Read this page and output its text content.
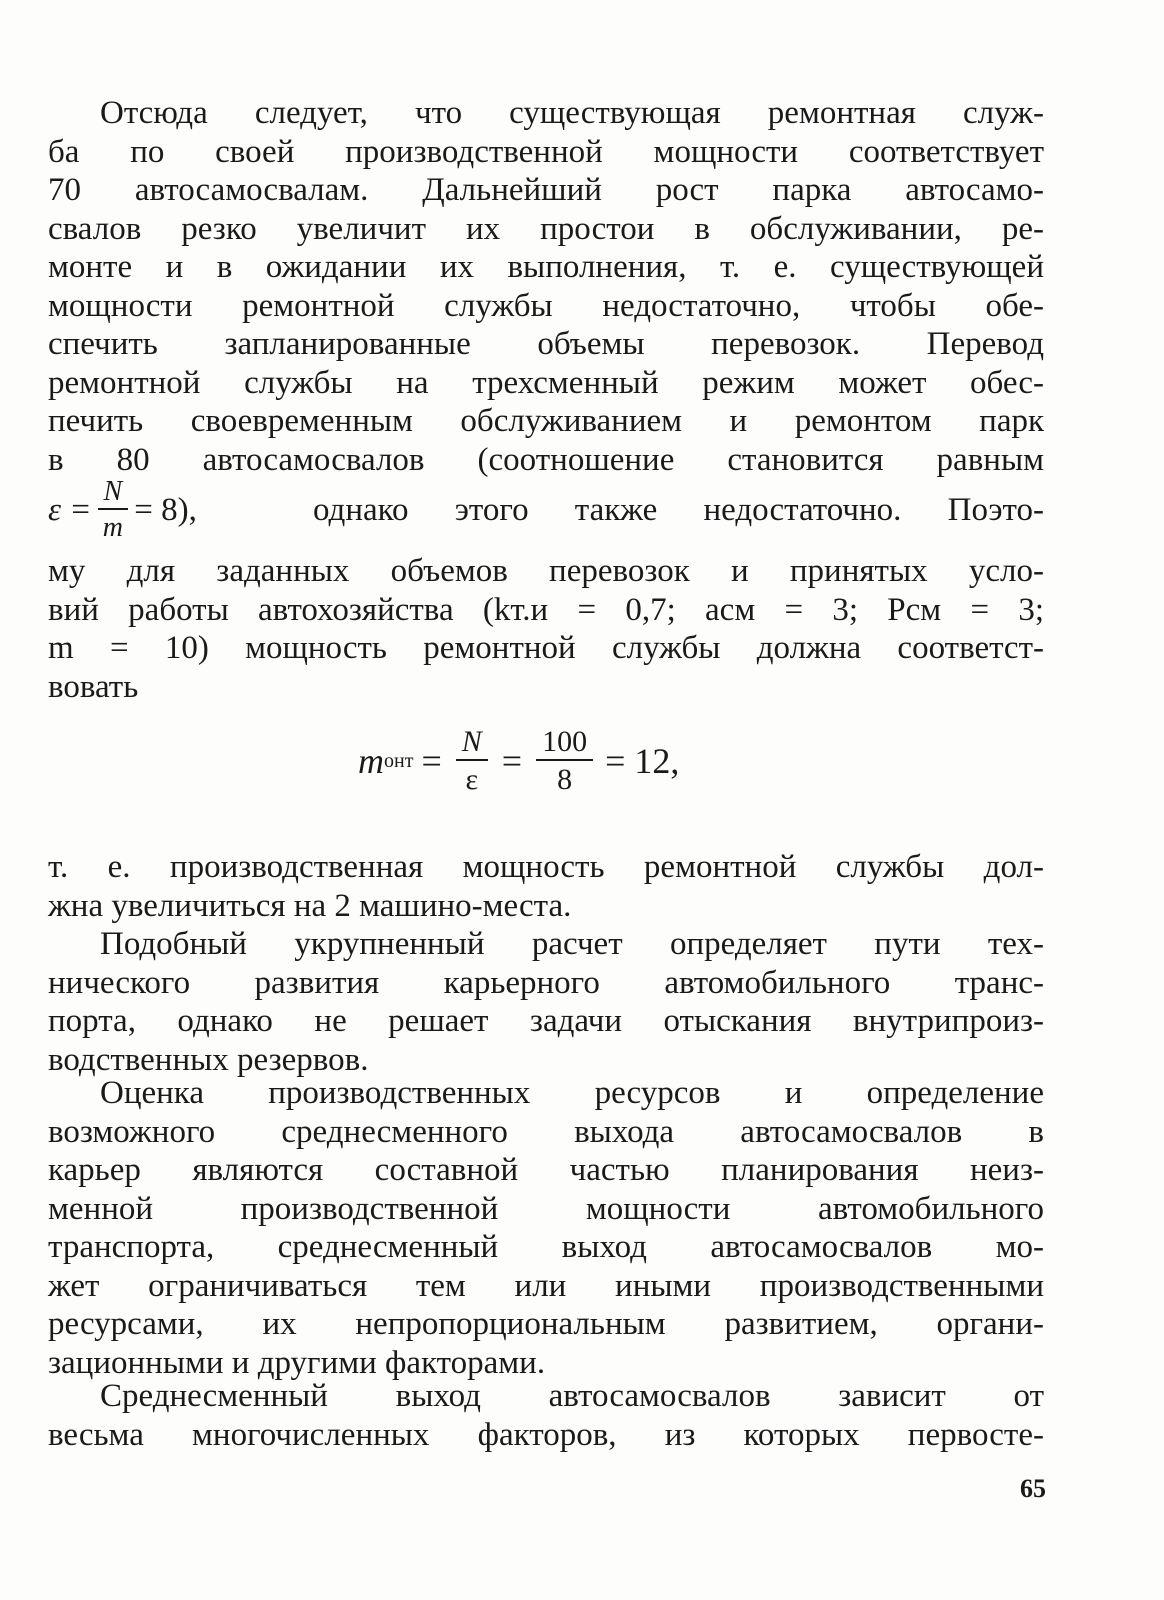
Отсюда следует, что существующая ремонтная служ-
ба по своей производственной мощности соответствует
70 автосамосвалам. Дальнейший рост парка автосамо-
свалов резко увеличит их простои в обслуживании, ре-
монте и в ожидании их выполнения, т. е. существующей
мощности ремонтной службы недостаточно, чтобы обе-
спечить запланированные объемы перевозок. Перевод
ремонтной службы на трехсменный режим может обес-
печить своевременным обслуживанием и ремонтом парк
в 80 автосамосвалов (соотношение становится равным
$\varepsilon = \frac{N}{m} = 8$),	однако этого также недостаточно. Поэто-
му для заданных объемов перевозок и принятых усло-
вий работы автохозяйства (kт.и = 0,7; aсм = 3; Pсм = 3;
m = 10) мощность ремонтной службы должна соответст-
вовать
m онт = $\frac{N}{\varepsilon} = \frac{100}{8} = 12$,
т. е. производственная мощность ремонтной службы дол-
жна увеличиться на 2 машино-места.
Подобный укрупненный расчет определяет пути тех-
нического развития карьерного автомобильного транс-
порта, однако не решает задачи отыскания внутрипроиз-
водственных резервов.
Оценка производственных ресурсов и определение
возможного среднесменного выхода автосамосвалов в
карьер являются составной частью планирования неиз-
менной производственной мощности автомобильного
транспорта, среднесменный выход автосамосвалов мо-
жет ограничиваться тем или иными производственными
ресурсами, их непропорциональным развитием, органи-
зационными и другими факторами.
Среднесменный выход автосамосвалов зависит от
весьма многочисленных факторов, из которых первосте-
65
